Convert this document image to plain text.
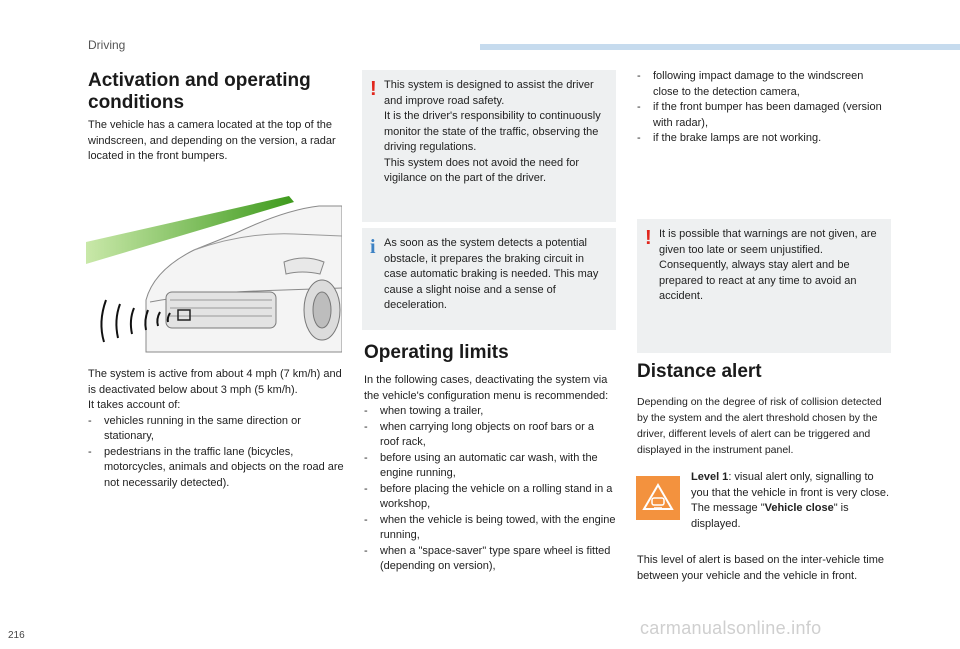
Driving
Activation and operating
conditions
The vehicle has a camera located at the top of the windscreen, and depending on the version, a radar located in the front bumpers.
The system is active from about 4 mph (7 km/h) and is deactivated below about 3 mph (5 km/h).
It takes account of:
- vehicles running in the same direction or stationary,
- pedestrians in the traffic lane (bicycles, motorcycles, animals and objects on the road are not necessarily detected).
! This system is designed to assist the driver and improve road safety.
It is the driver's responsibility to continuously monitor the state of the traffic, observing the driving regulations.
This system does not avoid the need for vigilance on the part of the driver.
i As soon as the system detects a potential obstacle, it prepares the braking circuit in case automatic braking is needed. This may cause a slight noise and a sense of deceleration.
Operating limits
In the following cases, deactivating the system via the vehicle's configuration menu is recommended:
- when towing a trailer,
- when carrying long objects on roof bars or a roof rack,
- before using an automatic car wash, with the engine running,
- before placing the vehicle on a rolling stand in a workshop,
- when the vehicle is being towed, with the engine running,
- when a "space-saver" type spare wheel is fitted (depending on version),
- following impact damage to the windscreen close to the detection camera,
- if the front bumper has been damaged (version with radar),
- if the brake lamps are not working.
! It is possible that warnings are not given, are given too late or seem unjustified. Consequently, always stay alert and be prepared to react at any time to avoid an accident.
Distance alert
Depending on the degree of risk of collision detected by the system and the alert threshold chosen by the driver, different levels of alert can be triggered and displayed in the instrument panel.
Level 1: visual alert only, signalling to you that the vehicle in front is very close.
The message "Vehicle close" is displayed.
This level of alert is based on the inter-vehicle time between your vehicle and the vehicle in front.
216	carmanualsonline.info
